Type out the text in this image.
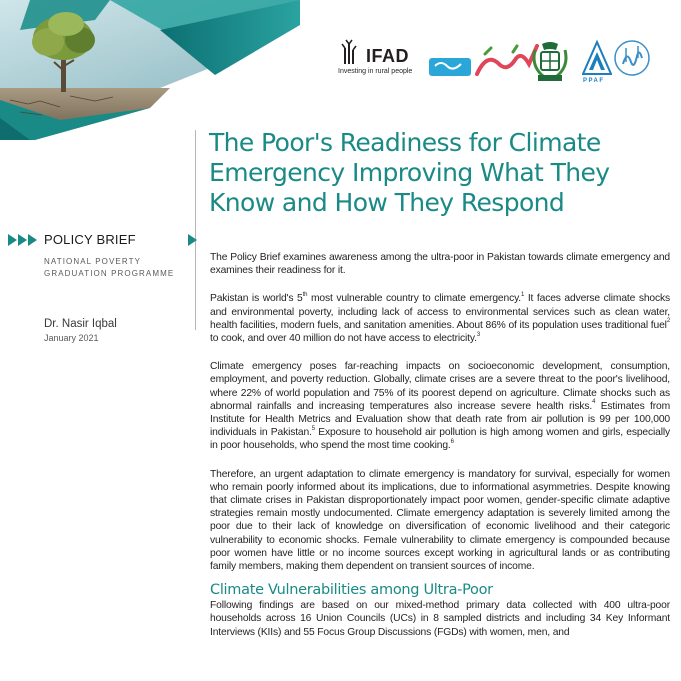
IFAD
Investing in rural people
PPAF
The Poor's Readiness for Climate Emergency Improving What They Know and How They Respond
POLICY BRIEF

NATIONAL POVERTY
GRADUATION PROGRAMME

Dr. Nasir Iqbal
January 2021

The Policy Brief examines awareness among the ultra-poor in Pakistan towards climate emergency and examines their readiness for it.

Pakistan is world's 5th most vulnerable country to climate emergency.$^1$ It faces adverse climate shocks and environmental poverty, including lack of access to environmental services such as clean water, health facilities, modern fuels, and sanitation amenities. About 86% of its population uses traditional fuel$^2$ to cook, and over 40 million do not have access to electricity.$^3$

Climate emergency poses far-reaching impacts on socioeconomic development, consumption, employment, and poverty reduction. Globally, climate crises are a severe threat to the poor's livelihood, where 22% of world population and 75% of its poorest depend on agriculture. Climate shocks such as abnormal rainfalls and increasing temperatures also increase severe health risks.$^4$ Estimates from Institute for Health Metrics and Evaluation show that death rate from air pollution is 99 per 100,000 individuals in Pakistan.$^5$ Exposure to household air pollution is high among women and girls, especially in poor households, who spend the most time cooking.$^6$

Therefore, an urgent adaptation to climate emergency is mandatory for survival, especially for women who remain poorly informed about its implications, due to informational asymmetries. Despite knowing that climate crises in Pakistan disproportionately impact poor women, gender-specific climate adaptive strategies remain mostly undocumented. Climate emergency adaptation is severely limited among the poor due to their lack of knowledge on diversification of economic livelihood and their categoric vulnerability to economic shocks. Female vulnerability to climate emergency is compounded because poor women have little or no income sources except working in agricultural lands or as contributing family members, making them dependent on transient sources of income.

Climate Vulnerabilities among Ultra-Poor

Following findings are based on our mixed-method primary data collected with 400 ultra-poor households across 16 Union Councils (UCs) in 8 sampled districts and including 34 Key Informant Interviews (KIIs) and 55 Focus Group Discussions (FGDs) with women, men, and
